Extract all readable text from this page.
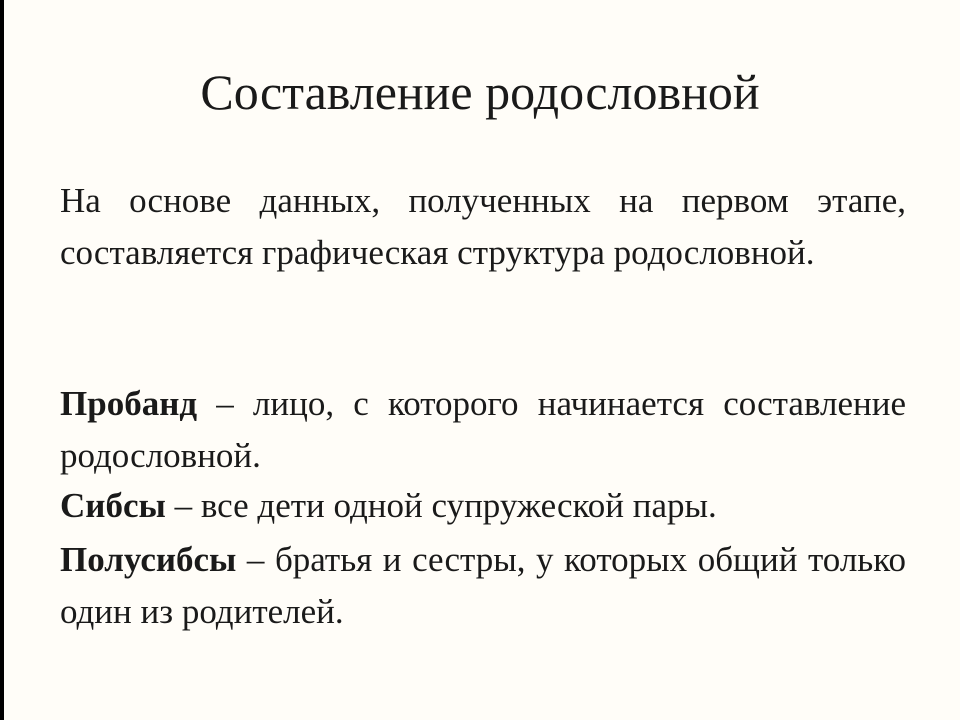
Составление родословной

На основе данных, полученных на первом этапе, составляется графическая структура родословной.

Пробанд – лицо, с которого начинается составление родословной.

Сибсы – все дети одной супружеской пары.

Полусибсы – братья и сестры, у которых общий только один из родителей.
